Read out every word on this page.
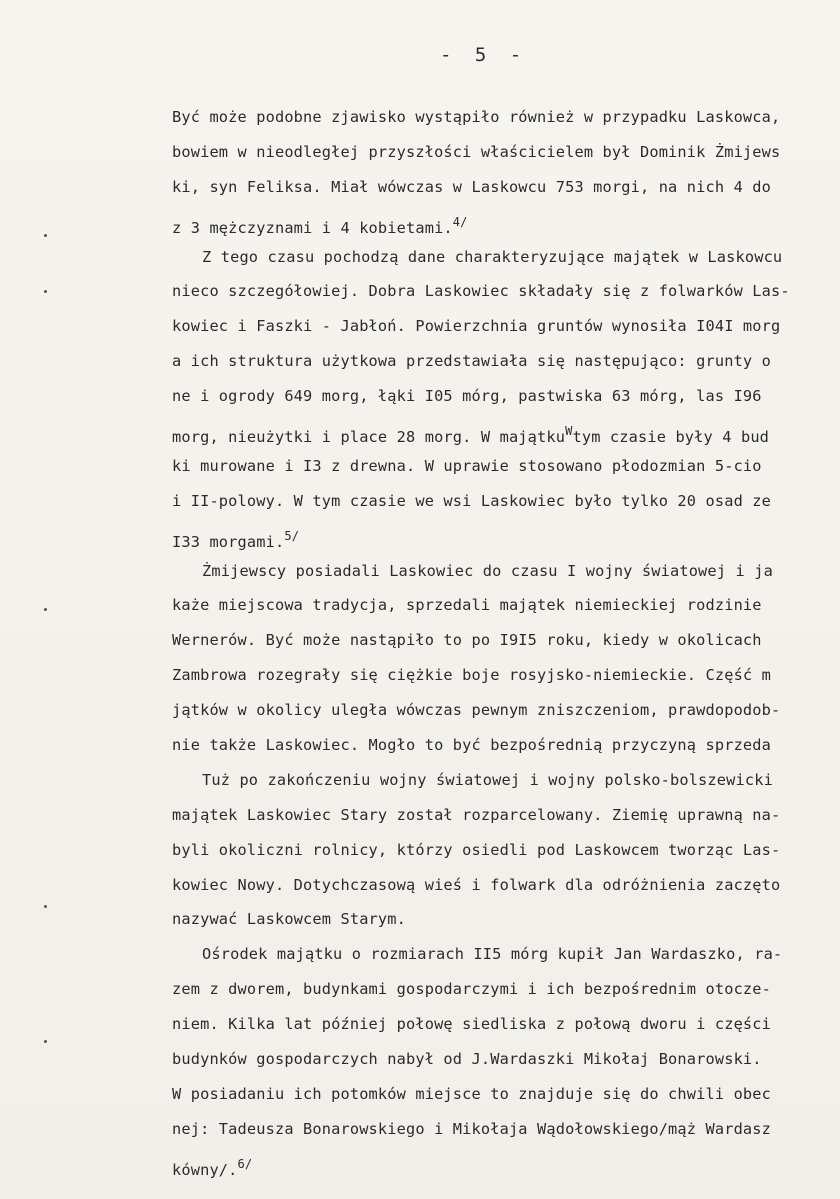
- 5 -
Być może podobne zjawisko wystąpiło również w przypadku Laskowca,
bowiem w nieodległej przyszłości właścicielem był Dominik Żmijews
ki, syn Feliksa. Miał wówczas w Laskowcu 753 morgi, na nich 4 do
z 3 mężczyznami i 4 kobietami.$^{4/}$
Z tego czasu pochodzą dane charakteryzujące majątek w Laskowcu
nieco szczegółowiej. Dobra Laskowiec składały się z folwarków Las-
kowiec i Faszki - Jabłoń. Powierzchnia gruntów wynosiła I04I morg
a ich struktura użytkowa przedstawiała się następująco: grunty o
ne i ogrody 649 morg, łąki I05 mórg, pastwiska 63 mórg, las I96
morg, nieużytki i place 28 morg. W majątku$^W$tym czasie były 4 bud
ki murowane i I3 z drewna. W uprawie stosowano płodozmian 5-cio
i II-polowy. W tym czasie we wsi Laskowiec było tylko 20 osad ze
I33 morgami.$^{5/}$
Żmijewscy posiadali Laskowiec do czasu I wojny światowej i ja
każe miejscowa tradycja, sprzedali majątek niemieckiej rodzinie
Wernerów. Być może nastąpiło to po I9I5 roku, kiedy w okolicach
Zambrowa rozegrały się ciężkie boje rosyjsko-niemieckie. Część m
jątków w okolicy uległa wówczas pewnym zniszczeniom, prawdopodob-
nie także Laskowiec. Mogło to być bezpośrednią przyczyną sprzeda
Tuż po zakończeniu wojny światowej i wojny polsko-bolszewicki
majątek Laskowiec Stary został rozparcelowany. Ziemię uprawną na-
byli okoliczni rolnicy, którzy osiedli pod Laskowcem tworząc Las-
kowiec Nowy. Dotychczasową wieś i folwark dla odróżnienia zaczęto
nazywać Laskowcem Starym.
Ośrodek majątku o rozmiarach II5 mórg kupił Jan Wardaszko, ra-
zem z dworem, budynkami gospodarczymi i ich bezpośrednim otocze-
niem. Kilka lat później połowę siedliska z połową dworu i części
budynków gospodarczych nabył od J.Wardaszki Mikołaj Bonarowski.
W posiadaniu ich potomków miejsce to znajduje się do chwili obec
nej: Tadeusza Bonarowskiego i Mikołaja Wądołowskiego/mąż Wardasz
kówny/.$^{6/}$
